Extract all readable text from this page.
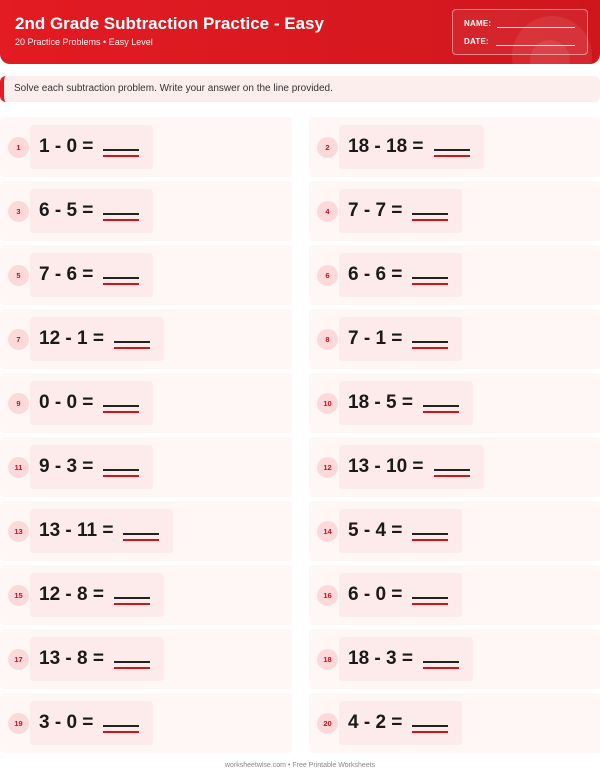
2nd Grade Subtraction Practice - Easy
20 Practice Problems • Easy Level
NAME:
DATE:
Solve each subtraction problem. Write your answer on the line provided.
1 1 - 0 =	2 18 - 18 =
3 6 - 5 =	4 7 - 7 =
5 7 - 6 =	6 6 - 6 =
7 12 - 1 =	8 7 - 1 =
9 0 - 0 =	10 18 - 5 =
11 9 - 3 =	12 13 - 10 =
13 13 - 11 =	14 5 - 4 =
15 12 - 8 =	16 6 - 0 =
17 13 - 8 =	18 18 - 3 =
19 3 - 0 =	20 4 - 2 =
worksheetwise.com • Free Printable Worksheets
